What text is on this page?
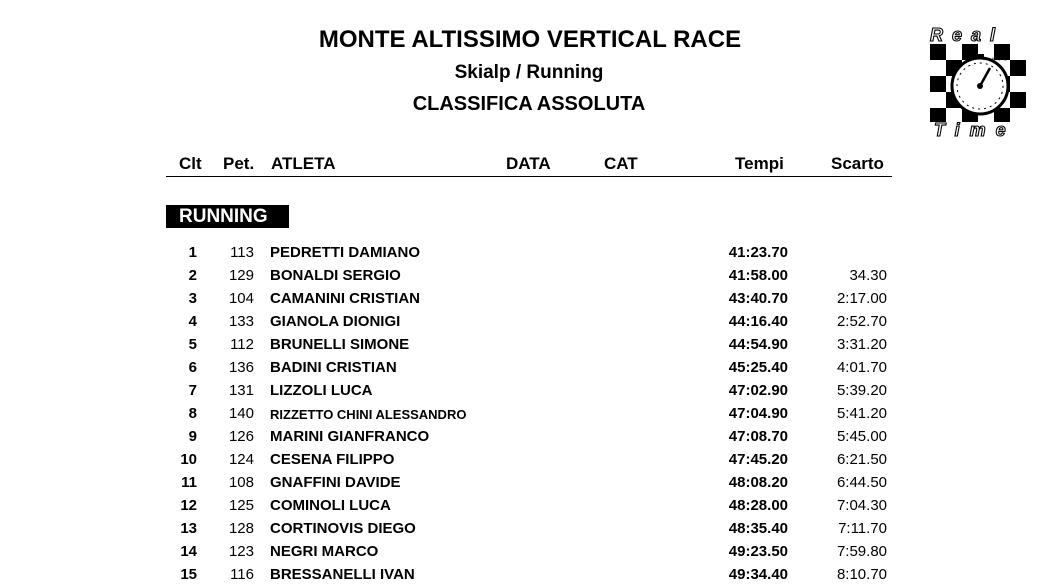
MONTE ALTISSIMO VERTICAL RACE
Skialp / Running
CLASSIFICA ASSOLUTA
Real
Time
Time Keeping
Clt Pet. ATLETA	DATA	CAT	Tempi	Scarto
RUNNING
1 113 PEDRETTI DAMIANO	41:23.70
2 129 BONALDI SERGIO	41:58.00	34.30
3 104 CAMANINI CRISTIAN	43:40.70	2:17.00
4 133 GIANOLA DIONIGI	44:16.40	2:52.70
5 112 BRUNELLI SIMONE	44:54.90	3:31.20
6 136 BADINI CRISTIAN	45:25.40	4:01.70
7 131 LIZZOLI LUCA	47:02.90	5:39.20
8 140 RIZZETTO CHINI ALESSANDRO	47:04.90	5:41.20
9 126 MARINI GIANFRANCO	47:08.70	5:45.00
10 124 CESENA FILIPPO	47:45.20	6:21.50
11 108 GNAFFINI DAVIDE	48:08.20	6:44.50
12 125 COMINOLI LUCA	48:28.00	7:04.30
13 128 CORTINOVIS DIEGO	48:35.40	7:11.70
14 123 NEGRI MARCO	49:23.50	7:59.80
15 116 BRESSANELLI IVAN	49:34.40	8:10.70
